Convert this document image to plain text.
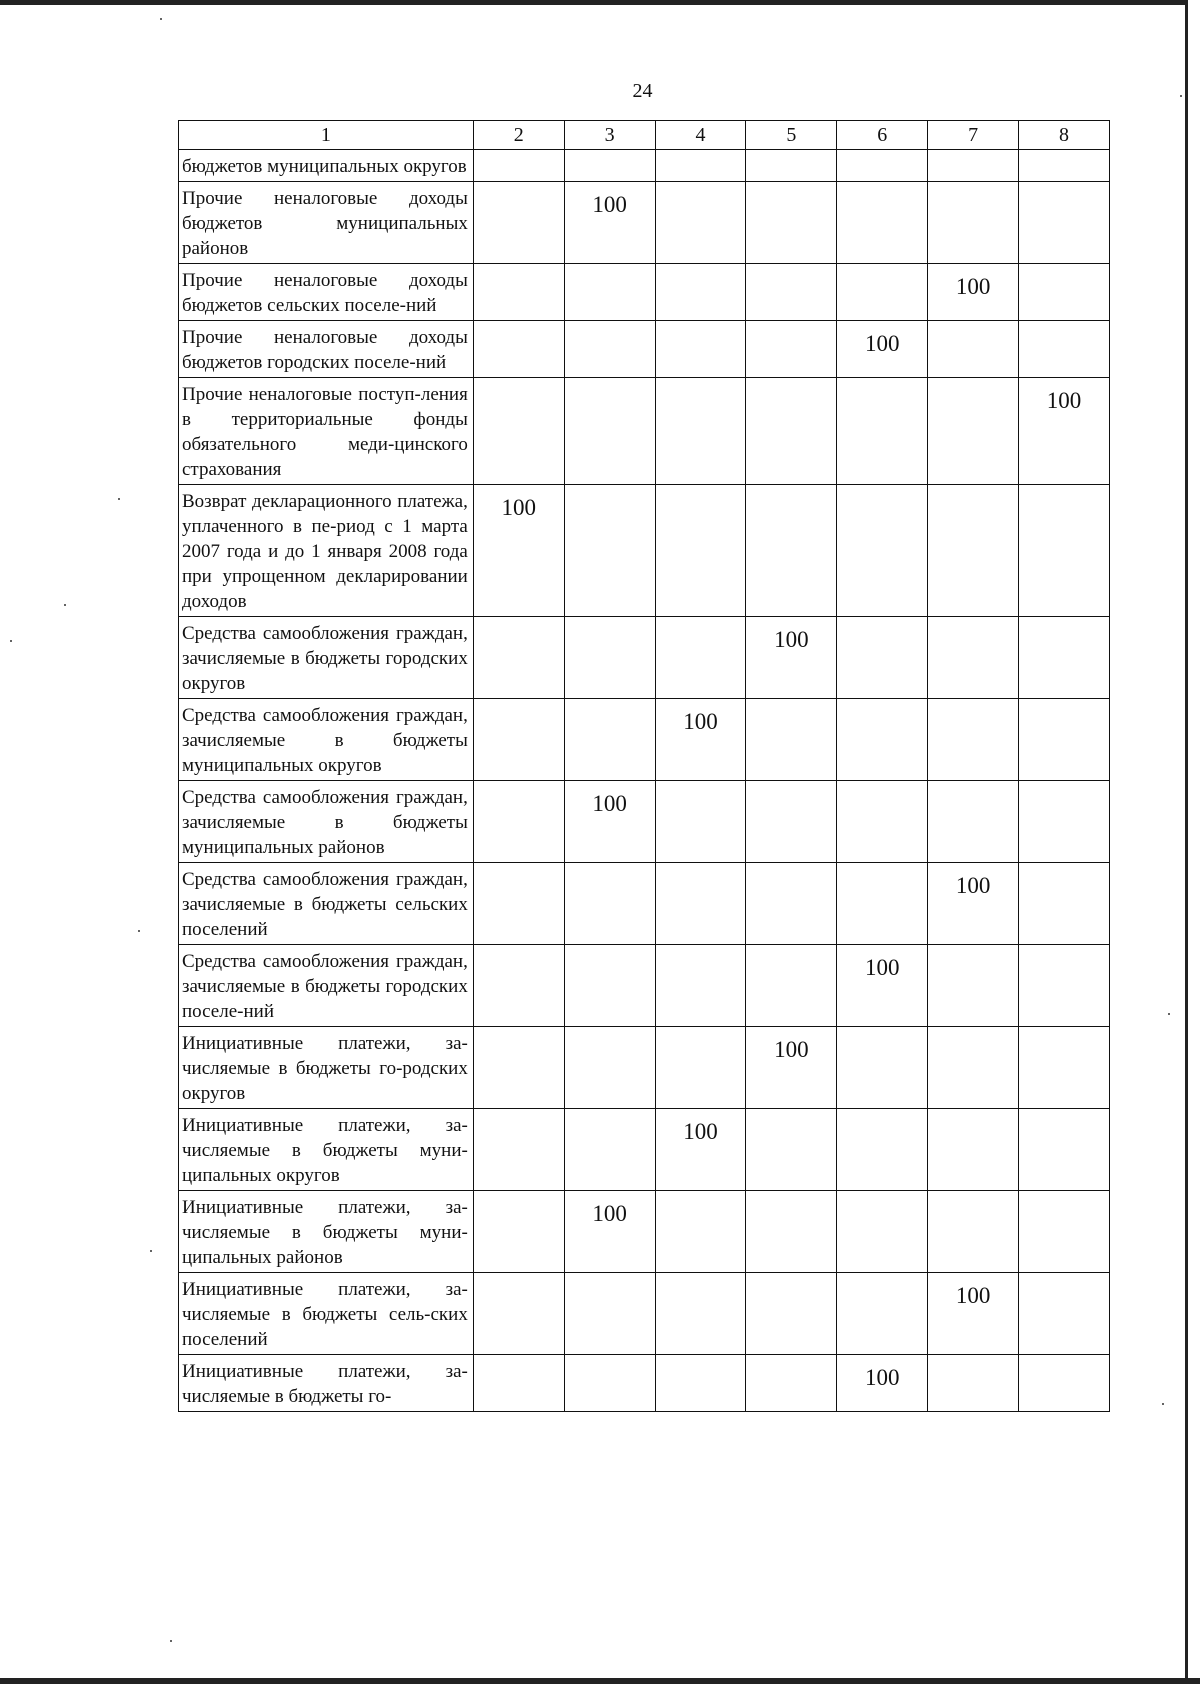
24
1	2	3	4	5	6	7	8
бюджетов муниципальных округов							
Прочие неналоговые доходы бюджетов муниципальных районов		100					
Прочие неналоговые доходы бюджетов сельских поселе-ний						100	
Прочие неналоговые доходы бюджетов городских поселе-ний					100		
Прочие неналоговые поступ-ления в территориальные фонды обязательного меди-цинского страхования							100
Возврат декларационного платежа, уплаченного в пе-риод с 1 марта 2007 года и до 1 января 2008 года при упрощенном декларировании доходов	100						
Средства самообложения граждан, зачисляемые в бюджеты городских округов				100			
Средства самообложения граждан, зачисляемые в бюджеты муниципальных округов			100				
Средства самообложения граждан, зачисляемые в бюджеты муниципальных районов		100					
Средства самообложения граждан, зачисляемые в бюджеты сельских поселений						100	
Средства самообложения граждан, зачисляемые в бюджеты городских поселе-ний					100		
Инициативные платежи, за-числяемые в бюджеты го-родских округов				100			
Инициативные платежи, за-числяемые в бюджеты муни-ципальных округов			100				
Инициативные платежи, за-числяемые в бюджеты муни-ципальных районов		100					
Инициативные платежи, за-числяемые в бюджеты сель-ских поселений						100	
Инициативные платежи, за-числяемые в бюджеты го-					100		
